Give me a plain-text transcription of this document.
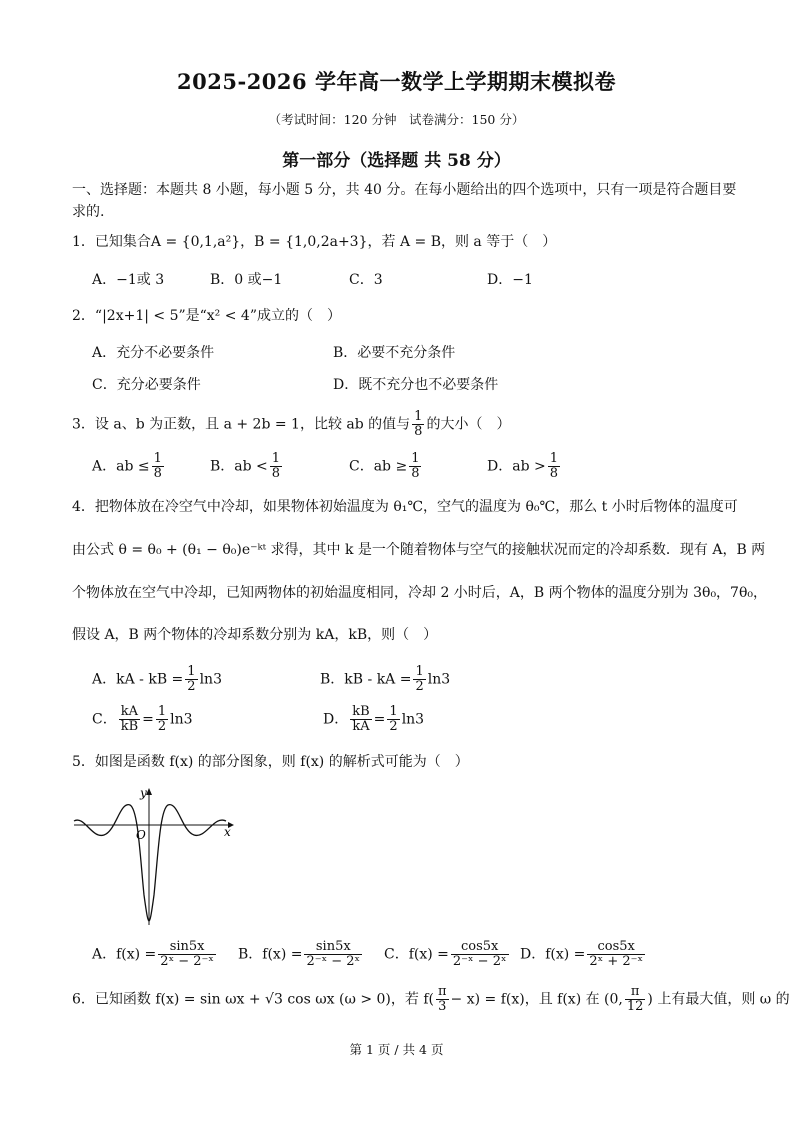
2025-2026 学年高一数学上学期期末模拟卷
（考试时间：120 分钟　试卷满分：150 分）
第一部分（选择题 共 58 分）
一、选择题：本题共 8 小题，每小题 5 分，共 40 分。在每小题给出的四个选项中，只有一项是符合题目要
求的.
1．已知集合A = {0,1,a²}，B = {1,0,2a+3}，若 A = B，则 a 等于（　）
A．−1或 3	B．0 或−1	C．3	D．−1
2．“|2x+1| < 5”是“x² < 4”成立的（　）
A．充分不必要条件	B．必要不充分条件
C．充分必要条件	D．既不充分也不必要条件
3．设 a、b 为正数，且 a + 2b = 1，比较 ab 的值与 $\frac{1}{8}$ 的大小（　）
A．ab ≤ $\frac{1}{8}$	B．ab < $\frac{1}{8}$	C．ab ≥ $\frac{1}{8}$	D．ab > $\frac{1}{8}$
4．把物体放在冷空气中冷却，如果物体初始温度为 θ₁℃，空气的温度为 θ₀℃，那么 t 小时后物体的温度可
由公式 θ = θ₀ + (θ₁ − θ₀)e⁻ᵏᵗ 求得，其中 k 是一个随着物体与空气的接触状况而定的冷却系数．现有 A，B 两
个物体放在空气中冷却，已知两物体的初始温度相同，冷却 2 小时后，A，B 两个物体的温度分别为 3θ₀，7θ₀，
假设 A，B 两个物体的冷却系数分别为 kA，kB，则（　）
A．kA - kB = $\frac{1}{2} \ln 3$	B．kB - kA = $\frac{1}{2} \ln 3$
C． $\frac{kA}{kB} = \frac{1}{2} \ln 3$	D． $\frac{kB}{kA} = \frac{1}{2} \ln 3$
5．如图是函数 f(x) 的部分图象，则 f(x) 的解析式可能为（　）
y
x
O
A．$f(x) = \frac{\sin 5x}{\text{2ˣ − 2⁻ˣ}}$ B．$f(x) = \frac{\sin 5x}{\text{2⁻ˣ − 2ˣ}}$ C．$f(x) = \frac{\cos 5x}{\text{2⁻ˣ − 2ˣ}}$ D．$f(x) = \frac{\cos 5x}{\text{2ˣ + 2⁻ˣ}}$
6．已知函数 f(x) = sin ωx + √3 cos ωx (ω > 0)，若 $f( \frac{\pi}{3} - x) = f(x)$，且 f(x) 在 (0, $\frac{\pi}{12}$ ) 上有最大值，则 ω 的
第 1 页 / 共 4 页
